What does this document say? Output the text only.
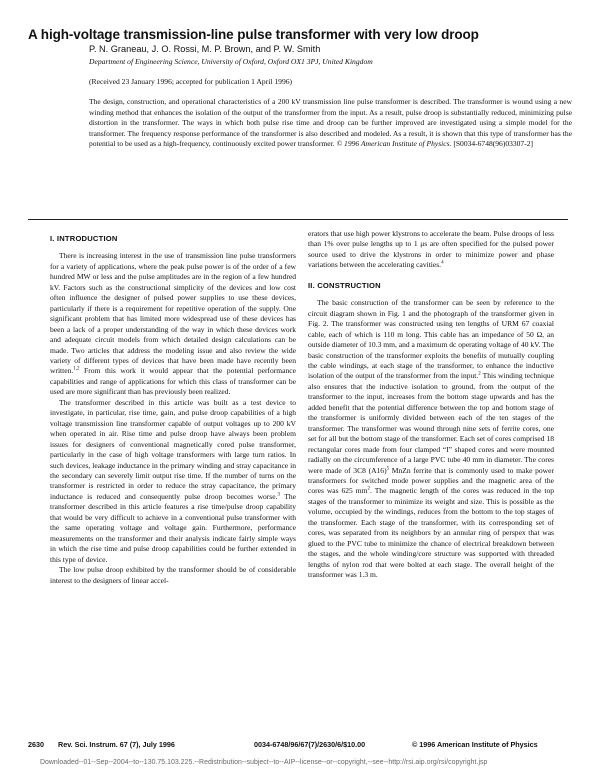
A high-voltage transmission-line pulse transformer with very low droop
P. N. Graneau, J. O. Rossi, M. P. Brown, and P. W. Smith
Department of Engineering Science, University of Oxford, Oxford OX1 3PJ, United Kingdom
(Received 23 January 1996; accepted for publication 1 April 1996)
The design, construction, and operational characteristics of a 200 kV transmission line pulse transformer is described. The transformer is wound using a new winding method that enhances the isolation of the output of the transformer from the input. As a result, pulse droop is substantially reduced, minimizing pulse distortion in the transformer. The ways in which both pulse rise time and droop can be further improved are investigated using a simple model for the transformer. The frequency response performance of the transformer is also described and modeled. As a result, it is shown that this type of transformer has the potential to be used as a high-frequency, continuously excited power transformer. © 1996 American Institute of Physics. [S0034-6748(96)03307-2]
I. INTRODUCTION

There is increasing interest in the use of transmission line pulse transformers for a variety of applications, where the peak pulse power is of the order of a few hundred MW or less and the pulse amplitudes are in the region of a few hundred kV. Factors such as the constructional simplicity of the devices and low cost often influence the designer of pulsed power supplies to use these devices, particularly if there is a requirement for repetitive operation of the supply. One significant problem that has limited more widespread use of these devices has been a lack of a proper understanding of the way in which these devices work and adequate circuit models from which detailed design calculations can be made. Two articles that address the modeling issue and also review the wide variety of different types of devices that have been made have recently been written.$^{1,2}$ From this work it would appear that the potential performance capabilities and range of applications for which this class of transformer can be used are more significant than has previously been realized.

The transformer described in this article was built as a test device to investigate, in particular, rise time, gain, and pulse droop capabilities of a high voltage transmission line transformer capable of output voltages up to 200 kV when operated in air. Rise time and pulse droop have always been problem issues for designers of conventional magnetically cored pulse transformer, particularly in the case of high voltage transformers with large turn ratios. In such devices, leakage inductance in the primary winding and stray capacitance in the secondary can severely limit output rise time. If the number of turns on the transformer is restricted in order to reduce the stray capacitance, the primary inductance is reduced and consequently pulse droop becomes worse.$^3$ The transformer described in this article features a rise time/pulse droop capability that would be very difficult to achieve in a conventional pulse transformer with the same operating voltage and voltage gain. Furthermore, performance measurements on the transformer and their analysis indicate fairly simple ways in which the rise time and pulse droop capabilities could be further extended in this type of device.

The low pulse droop exhibited by the transformer should be of considerable interest to the designers of linear accel-

erators that use high power klystrons to accelerate the beam. Pulse droops of less than 1% over pulse lengths up to 1 μs are often specified for the pulsed power source used to drive the klystrons in order to minimize power and phase variations between the accelerating cavities.$^4$

II. CONSTRUCTION

The basic construction of the transformer can be seen by reference to the circuit diagram shown in Fig. 1 and the photograph of the transformer given in Fig. 2. The transformer was constructed using ten lengths of URM 67 coaxial cable, each of which is 110 m long. This cable has an impedance of 50 Ω, an outside diameter of 10.3 mm, and a maximum dc operating voltage of 40 kV. The basic construction of the transformer exploits the benefits of mutually coupling the cable windings, at each stage of the transformer, to enhance the inductive isolation of the output of the transformer from the input.$^2$ This winding technique also ensures that the inductive isolation to ground, from the output of the transformer to the input, increases from the bottom stage upwards and has the added benefit that the potential difference between the top and bottom stage of the transformer is uniformly divided between each of the ten stages of the transformer. The transformer was wound through nine sets of ferrite cores, one set for all but the bottom stage of the transformer. Each set of cores comprised 18 rectangular cores made from four clamped “I” shaped cores and were mounted radially on the circumference of a large PVC tube 40 mm in diameter. The cores were made of 3C8 $(A16)^5$ MnZn ferrite that is commonly used to make power transformers for switched mode power supplies and the magnetic area of the cores was 625 $mm^2$. The magnetic length of the cores was reduced in the top stages of the transformer to minimize its weight and size. This is possible as the volume, occupied by the windings, reduces from the bottom to the top stages of the transformer. Each stage of the transformer, with its corresponding set of cores, was separated from its neighbors by an annular ring of perspex that was glued to the PVC tube to minimize the chance of electrical breakdown between the stages, and the whole winding/core structure was supported with threaded lengths of nylon rod that were bolted at each stage. The overall height of the transformer was 1.3 m.

2630 Rev. Sci. Instrum. 67 (7), July 1996	0034-6748/96/67(7)/2630/6/$10.00	© 1996 American Institute of Physics
Downloaded--01--Sep--2004--to--130.75.103.225.--Redistribution--subject--to--AIP--license--or--copyright,--see--http://rsi.aip.org/rsi/copyright.jsp
